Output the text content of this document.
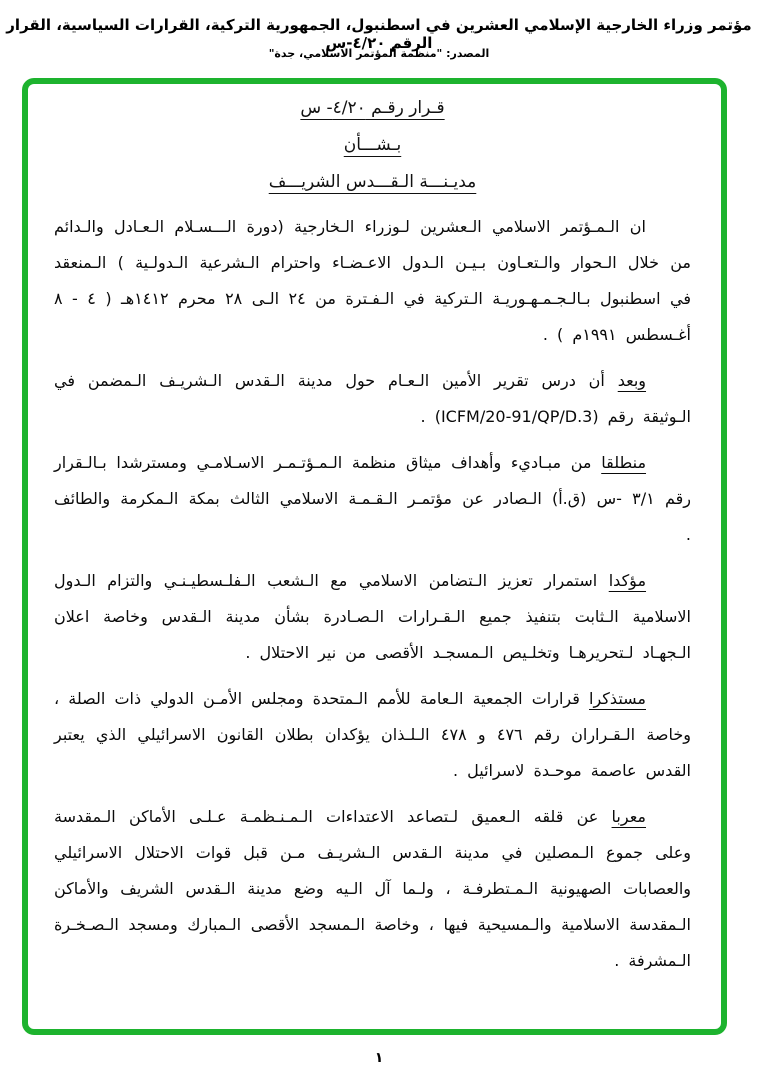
مؤتمر وزراء الخارجية الإسلامي العشرين في اسطنبول، الجمهورية التركية، القرارات السياسية، القرار الرقم ٤/٢٠-س
المصدر: "منظمة المؤتمر الاسلامي، جدة"
قـرار رقـم ٤/٢٠- س
بـشـــأن
مديـنـــة الـقـــدس الشريـــف

ان الـمـؤتمر الاسلامي الـعشرين لـوزراء الـخارجية (دورة الـــسـلام الـعـادل والـدائم من خلال الـحوار والـتعـاون بـيـن الـدول الاعـضـاء واحترام الـشرعية الـدولـية ) الـمنعقد في اسطنبول بـالـجـمـهـوريـة الـتركية في الـفـترة من ٢٤ الـى ٢٨ محرم ١٤١٢هـ ( ٤ - ٨ أغـسطس ١٩٩١م ) .

وبعد أن درس تقرير الأمين الـعـام حول مدينة الـقدس الـشريـف الـمضمن في الـوثيقة رقم (ICFM/20-91/QP/D.3) .

منطلقا من مبـاديء وأهداف ميثاق منظمة الـمـؤتـمـر الاسـلامـي ومسترشدا بـالـقرار رقم ٣/١ -س (ق.أ) الـصادر عن مؤتمـر الـقـمـة الاسلامي الثالث بمكة الـمكرمة والطائف .

مؤكدا استمرار تعزيز الـتضامن الاسلامي مع الـشعب الـفلـسطيـنـي والتزام الـدول الاسلامية الـثابت بتنفيذ جميع الـقـرارات الـصـادرة بشأن مدينة الـقدس وخاصة اعلان الـجهـاد لـتحريرهـا وتخلـيص الـمسجـد الأقصى من نير الاحتلال .

مستذكرا قرارات الجمعية الـعامة للأمم الـمتحدة ومجلس الأمـن الدولي ذات الصلة ، وخاصة الـقـراران رقم ٤٧٦ و ٤٧٨ الـلـذان يؤكدان بطلان القانون الاسرائيلي الذي يعتبر القدس عاصمة موحـدة لاسرائيل .

معربا عن قلقه الـعميق لـتصاعد الاعتداءات الـمـنـظمـة عـلـى الأماكن الـمقدسة وعلى جموع الـمصلين في مدينة الـقدس الـشريـف مـن قبل قوات الاحتلال الاسرائيلي والعصابات الصهيونية الـمـتطرفـة ، ولـما آل الـيه وضع مدينة الـقدس الشريف والأماكن الـمقدسة الاسلامية والـمسيحية فيها ، وخاصة الـمسجد الأقصى الـمبارك ومسجد الـصـخـرة الـمشرفة .

١
